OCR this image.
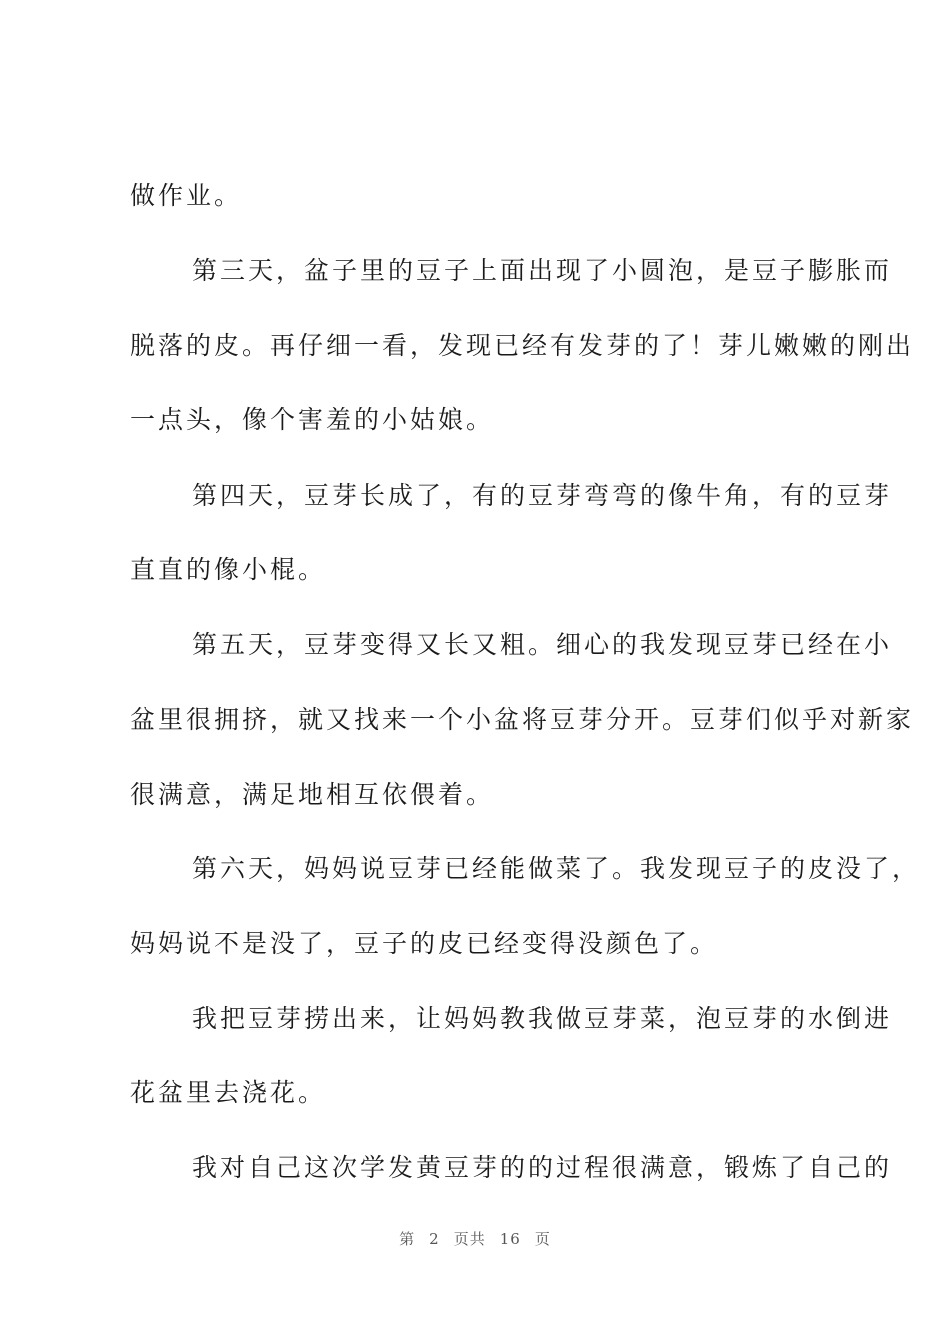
做作业。
第三天，盆子里的豆子上面出现了小圆泡，是豆子膨胀而
脱落的皮。再仔细一看，发现已经有发芽的了！芽儿嫩嫩的刚出
一点头，像个害羞的小姑娘。
第四天，豆芽长成了，有的豆芽弯弯的像牛角，有的豆芽
直直的像小棍。
第五天，豆芽变得又长又粗。细心的我发现豆芽已经在小
盆里很拥挤，就又找来一个小盆将豆芽分开。豆芽们似乎对新家
很满意，满足地相互依偎着。
第六天，妈妈说豆芽已经能做菜了。我发现豆子的皮没了，
妈妈说不是没了，豆子的皮已经变得没颜色了。
我把豆芽捞出来，让妈妈教我做豆芽菜，泡豆芽的水倒进
花盆里去浇花。
我对自己这次学发黄豆芽的的过程很满意，锻炼了自己的
第 2 页共 16 页
